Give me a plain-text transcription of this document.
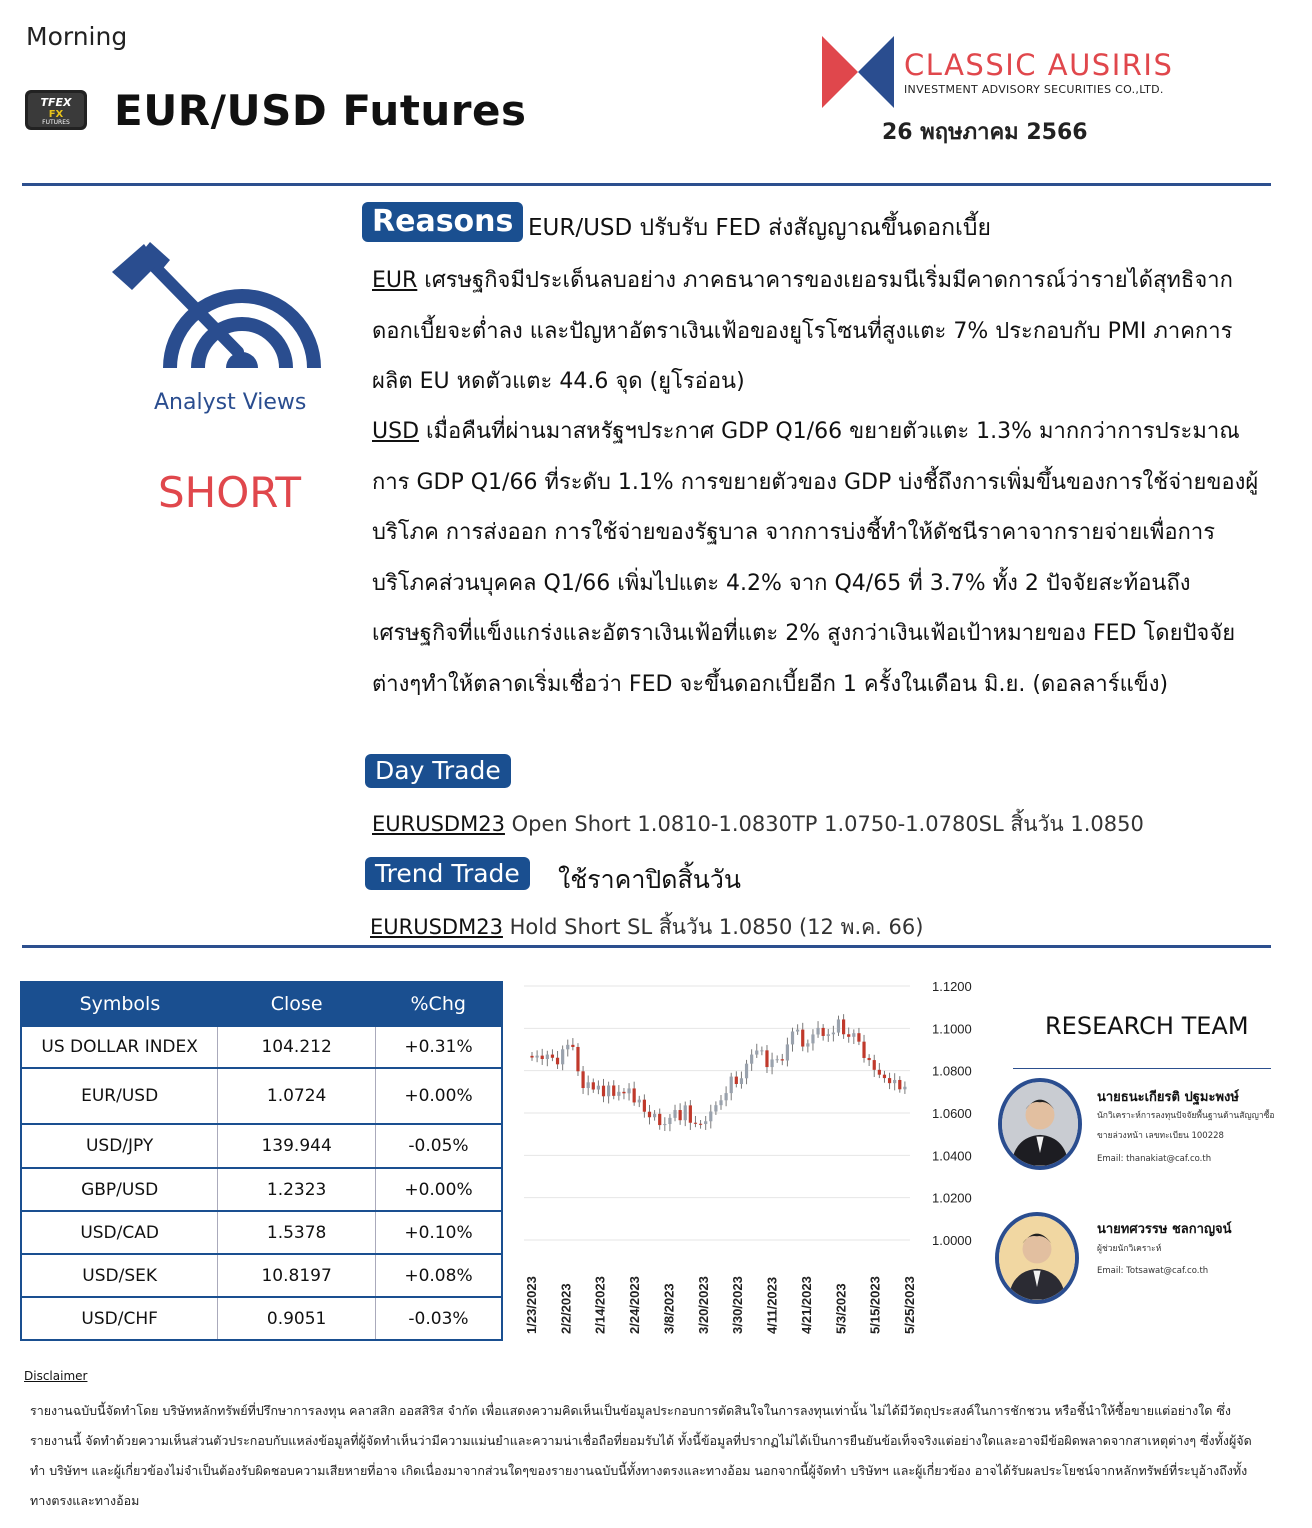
Morning
TFEX
FX
FUTURES EUR/USD Futures
CLASSIC AUSIRIS
INVESTMENT ADVISORY SECURITIES CO.,LTD.
26 พฤษภาคม 2566
Analyst Views
SHORT
Reasons EUR/USD ปรับรับ FED ส่งสัญญาณขึ้นดอกเบี้ย
EUR เศรษฐกิจมีประเด็นลบอย่าง ภาคธนาคารของเยอรมนีเริ่มมีคาดการณ์ว่ารายได้สุทธิจากดอกเบี้ยจะต่ำลง และปัญหาอัตราเงินเฟ้อของยูโรโซนที่สูงแตะ 7% ประกอบกับ PMI ภาคการผลิต EU หดตัวแตะ 44.6 จุด (ยูโรอ่อน)
USD เมื่อคืนที่ผ่านมาสหรัฐฯประกาศ GDP Q1/66 ขยายตัวแตะ 1.3% มากกว่าการประมาณการ GDP Q1/66 ที่ระดับ 1.1% การขยายตัวของ GDP บ่งชี้ถึงการเพิ่มขึ้นของการใช้จ่ายของผู้บริโภค การส่งออก การใช้จ่ายของรัฐบาล จากการบ่งชี้ทำให้ดัชนีราคาจากรายจ่ายเพื่อการบริโภคส่วนบุคคล Q1/66 เพิ่มไปแตะ 4.2% จาก Q4/65 ที่ 3.7% ทั้ง 2 ปัจจัยสะท้อนถึงเศรษฐกิจที่แข็งแกร่งและอัตราเงินเฟ้อที่แตะ 2% สูงกว่าเงินเฟ้อเป้าหมายของ FED โดยปัจจัยต่างๆทำให้ตลาดเริ่มเชื่อว่า FED จะขึ้นดอกเบี้ยอีก 1 ครั้งในเดือน มิ.ย. (ดอลลาร์แข็ง)
Day Trade
EURUSDM23 Open Short 1.0810-1.0830TP 1.0750-1.0780SL สิ้นวัน 1.0850
Trend Trade	ใช้ราคาปิดสิ้นวัน
EURUSDM23 Hold Short SL สิ้นวัน 1.0850 (12 พ.ค. 66)
Symbols	Close	%Chg
US DOLLAR INDEX	104.212	+0.31%
EUR/USD	1.0724	+0.00%
USD/JPY	139.944	-0.05%
GBP/USD	1.2323	+0.00%
USD/CAD	1.5378	+0.10%
USD/SEK	10.8197	+0.08%
USD/CHF	0.9051	-0.03%
1.1200
1.1000
1.0800
1.0600
1.0400
1.0200
1.0000
1/23/2023 2/2/2023 2/14/2023 2/24/2023 3/8/2023 3/20/2023 3/30/2023 4/11/2023 4/21/2023 5/3/2023 5/15/2023 5/25/2023
RESEARCH TEAM
นายธนะเกียรติ ปฐมะพงษ์
นักวิเคราะห์การลงทุนปัจจัยพื้นฐานด้านสัญญาซื้อขายล่วงหน้า เลขทะเบียน 100228
Email: thanakiat@caf.co.th
นายทศวรรษ ชลกาญจน์
ผู้ช่วยนักวิเคราะห์
Email: Totsawat@caf.co.th
Disclaimer
รายงานฉบับนี้จัดทำโดย บริษัทหลักทรัพย์ที่ปรึกษาการลงทุน คลาสสิก ออสสิริส จำกัด เพื่อแสดงความคิดเห็นเป็นข้อมูลประกอบการตัดสินใจในการลงทุนเท่านั้น ไม่ได้มีวัตถุประสงค์ในการชักชวน หรือชี้นำให้ซื้อขายแต่อย่างใด ซึ่งรายงานนี้ จัดทำด้วยความเห็นส่วนตัวประกอบกับแหล่งข้อมูลที่ผู้จัดทำเห็นว่ามีความแม่นยำและความน่าเชื่อถือที่ยอมรับได้ ทั้งนี้ข้อมูลที่ปรากฏไม่ได้เป็นการยืนยันข้อเท็จจริงแต่อย่างใดและอาจมีข้อผิดพลาดจากสาเหตุต่างๆ ซึ่งทั้งผู้จัดทำ บริษัทฯ และผู้เกี่ยวข้องไม่จำเป็นต้องรับผิดชอบความเสียหายที่อาจ เกิดเนื่องมาจากส่วนใดๆของรายงานฉบับนี้ทั้งทางตรงและทางอ้อม นอกจากนี้ผู้จัดทำ บริษัทฯ และผู้เกี่ยวข้อง อาจได้รับผลประโยชน์จากหลักทรัพย์ที่ระบุอ้างถึงทั้งทางตรงและทางอ้อม
